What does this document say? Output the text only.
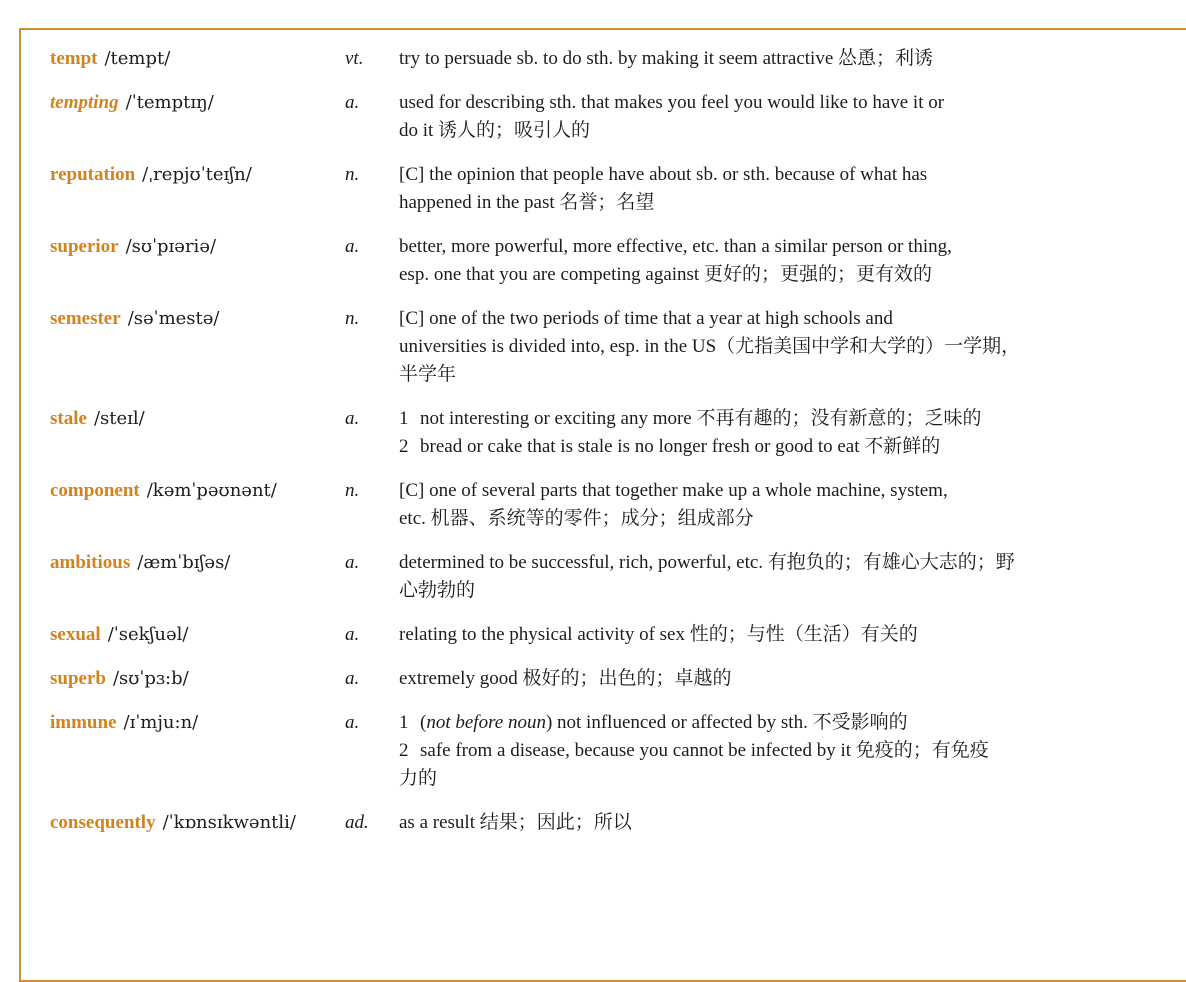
tempt /tempt/	vt.	try to persuade sb. to do sth. by making it seem attractive 怂恿；利诱
tempting /ˈtemptɪŋ/	a.	used for describing sth. that makes you feel you would like to have it or
do it 诱人的；吸引人的
reputation /ˌrepjʊˈteɪʃn/	n.	[C] the opinion that people have about sb. or sth. because of what has
happened in the past 名誉；名望
superior /sʊˈpɪəriə/	a.	better, more powerful, more effective, etc. than a similar person or thing,
esp. one that you are competing against 更好的；更强的；更有效的
semester /səˈmestə/	n.	[C] one of the two periods of time that a year at high schools and
universities is divided into, esp. in the US（尤指美国中学和大学的）一学期，
半学年
stale /steɪl/	a.	1 not interesting or exciting any more 不再有趣的；没有新意的；乏味的
2 bread or cake that is stale is no longer fresh or good to eat 不新鲜的
component /kəmˈpəʊnənt/	n.	[C] one of several parts that together make up a whole machine, system,
etc. 机器、系统等的零件；成分；组成部分
ambitious /æmˈbɪʃəs/	a.	determined to be successful, rich, powerful, etc. 有抱负的；有雄心大志的；野
心勃勃的
sexual /ˈsekʃuəl/	a.	relating to the physical activity of sex 性的；与性（生活）有关的
superb /sʊˈpɜ:b/	a.	extremely good 极好的；出色的；卓越的
immune /ɪˈmju:n/	a.	1 (not before noun) not influenced or affected by sth. 不受影响的
2 safe from a disease, because you cannot be infected by it 免疫的；有免疫
力的
consequently /ˈkɒnsɪkwəntli/	ad.	as a result 结果；因此；所以
